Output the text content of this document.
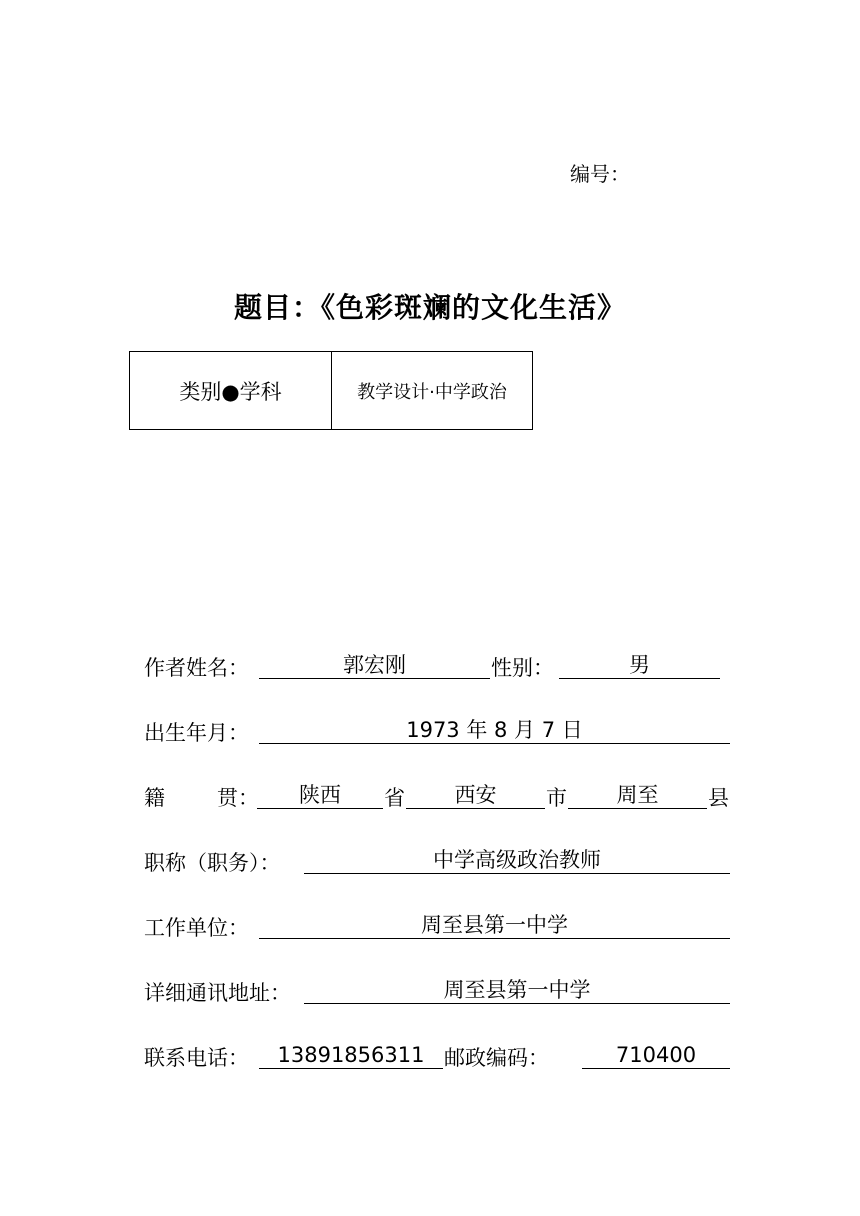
编号：
题目：《色彩斑斓的文化生活》
类别●学科	教学设计·中学政治
作者姓名：	郭宏刚	性别：	男
出生年月：	1973 年 8 月 7 日
籍 贯：	陕西	省	西安	市	周至	县
职称（职务）：	中学高级政治教师
工作单位：	周至县第一中学
详细通讯地址：	周至县第一中学
联系电话：	13891856311 邮政编码：	710400
